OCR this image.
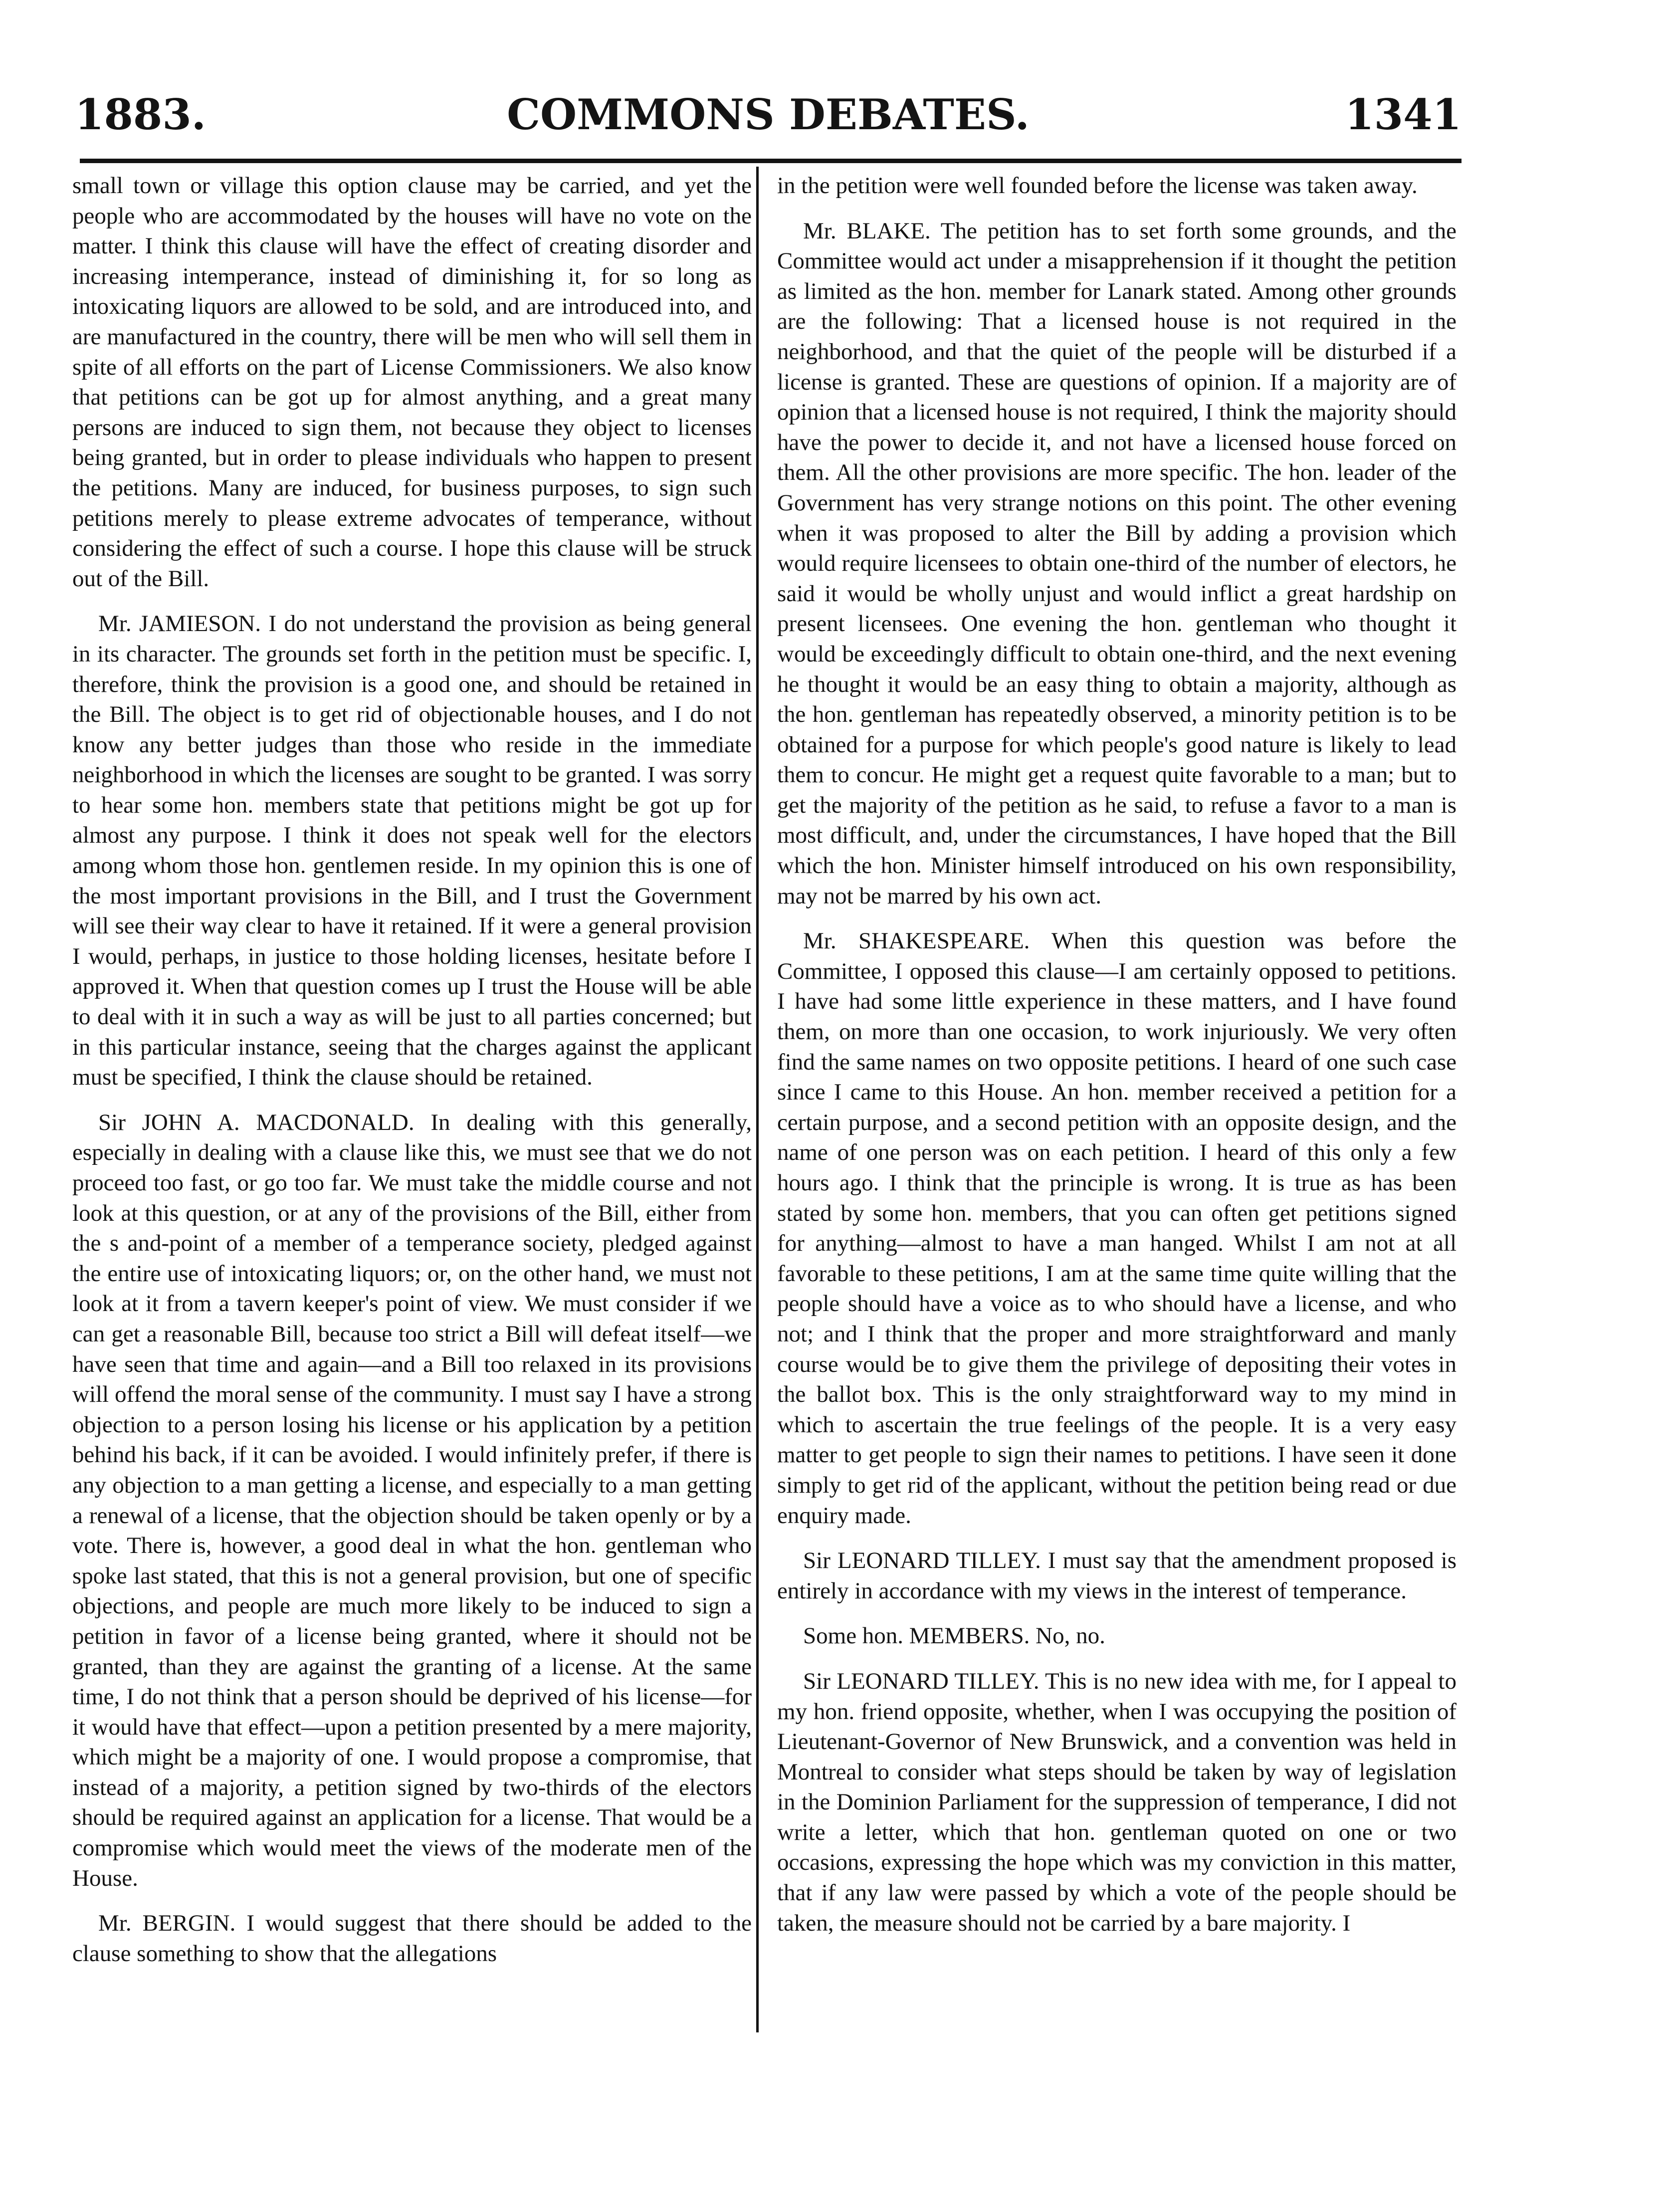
1883.	COMMONS DEBATES.	1341

small town or village this option clause may be carried, and yet the people who are accommodated by the houses will have no vote on the matter. I think this clause will have the effect of creating disorder and increasing intemperance, instead of diminishing it, for so long as intoxicating liquors are allowed to be sold, and are introduced into, and are manufactured in the country, there will be men who will sell them in spite of all efforts on the part of License Commissioners. We also know that petitions can be got up for almost anything, and a great many persons are induced to sign them, not because they object to licenses being granted, but in order to please individuals who happen to present the petitions. Many are induced, for business purposes, to sign such petitions merely to please extreme advocates of temperance, without considering the effect of such a course. I hope this clause will be struck out of the Bill.

Mr. JAMIESON. I do not understand the provision as being general in its character. The grounds set forth in the petition must be specific. I, therefore, think the provision is a good one, and should be retained in the Bill. The object is to get rid of objectionable houses, and I do not know any better judges than those who reside in the immediate neighborhood in which the licenses are sought to be granted. I was sorry to hear some hon. members state that petitions might be got up for almost any purpose. I think it does not speak well for the electors among whom those hon. gentlemen reside. In my opinion this is one of the most important provisions in the Bill, and I trust the Government will see their way clear to have it retained. If it were a general provision I would, perhaps, in justice to those holding licenses, hesitate before I approved it. When that question comes up I trust the House will be able to deal with it in such a way as will be just to all parties concerned; but in this particular instance, seeing that the charges against the applicant must be specified, I think the clause should be retained.

Sir JOHN A. MACDONALD. In dealing with this generally, especially in dealing with a clause like this, we must see that we do not proceed too fast, or go too far. We must take the middle course and not look at this question, or at any of the provisions of the Bill, either from the s and-point of a member of a temperance society, pledged against the entire use of intoxicating liquors; or, on the other hand, we must not look at it from a tavern keeper's point of view. We must consider if we can get a reasonable Bill, because too strict a Bill will defeat itself—we have seen that time and again—and a Bill too relaxed in its provisions will offend the moral sense of the community. I must say I have a strong objection to a person losing his license or his application by a petition behind his back, if it can be avoided. I would infinitely prefer, if there is any objection to a man getting a license, and especially to a man getting a renewal of a license, that the objection should be taken openly or by a vote. There is, however, a good deal in what the hon. gentleman who spoke last stated, that this is not a general provision, but one of specific objections, and people are much more likely to be induced to sign a petition in favor of a license being granted, where it should not be granted, than they are against the granting of a license. At the same time, I do not think that a person should be deprived of his license—for it would have that effect—upon a petition presented by a mere majority, which might be a majority of one. I would propose a compromise, that instead of a majority, a petition signed by two-thirds of the electors should be required against an application for a license. That would be a compromise which would meet the views of the moderate men of the House.

Mr. BERGIN. I would suggest that there should be added to the clause something to show that the allegations

in the petition were well founded before the license was taken away.

Mr. BLAKE. The petition has to set forth some grounds, and the Committee would act under a misapprehension if it thought the petition as limited as the hon. member for Lanark stated. Among other grounds are the following: That a licensed house is not required in the neighborhood, and that the quiet of the people will be disturbed if a license is granted. These are questions of opinion. If a majority are of opinion that a licensed house is not required, I think the majority should have the power to decide it, and not have a licensed house forced on them. All the other provisions are more specific. The hon. leader of the Government has very strange notions on this point. The other evening when it was proposed to alter the Bill by adding a provision which would require licensees to obtain one-third of the number of electors, he said it would be wholly unjust and would inflict a great hardship on present licensees. One evening the hon. gentleman who thought it would be exceedingly difficult to obtain one-third, and the next evening he thought it would be an easy thing to obtain a majority, although as the hon. gentleman has repeatedly observed, a minority petition is to be obtained for a purpose for which people's good nature is likely to lead them to concur. He might get a request quite favorable to a man; but to get the majority of the petition as he said, to refuse a favor to a man is most difficult, and, under the circumstances, I have hoped that the Bill which the hon. Minister himself introduced on his own responsibility, may not be marred by his own act.

Mr. SHAKESPEARE. When this question was before the Committee, I opposed this clause—I am certainly opposed to petitions. I have had some little experience in these matters, and I have found them, on more than one occasion, to work injuriously. We very often find the same names on two opposite petitions. I heard of one such case since I came to this House. An hon. member received a petition for a certain purpose, and a second petition with an opposite design, and the name of one person was on each petition. I heard of this only a few hours ago. I think that the principle is wrong. It is true as has been stated by some hon. members, that you can often get petitions signed for anything—almost to have a man hanged. Whilst I am not at all favorable to these petitions, I am at the same time quite willing that the people should have a voice as to who should have a license, and who not; and I think that the proper and more straightforward and manly course would be to give them the privilege of depositing their votes in the ballot box. This is the only straightforward way to my mind in which to ascertain the true feelings of the people. It is a very easy matter to get people to sign their names to petitions. I have seen it done simply to get rid of the applicant, without the petition being read or due enquiry made.

Sir LEONARD TILLEY. I must say that the amendment proposed is entirely in accordance with my views in the interest of temperance.

Some hon. MEMBERS. No, no.

Sir LEONARD TILLEY. This is no new idea with me, for I appeal to my hon. friend opposite, whether, when I was occupying the position of Lieutenant-Governor of New Brunswick, and a convention was held in Montreal to consider what steps should be taken by way of legislation in the Dominion Parliament for the suppression of temperance, I did not write a letter, which that hon. gentleman quoted on one or two occasions, expressing the hope which was my conviction in this matter, that if any law were passed by which a vote of the people should be taken, the measure should not be carried by a bare majority. I
